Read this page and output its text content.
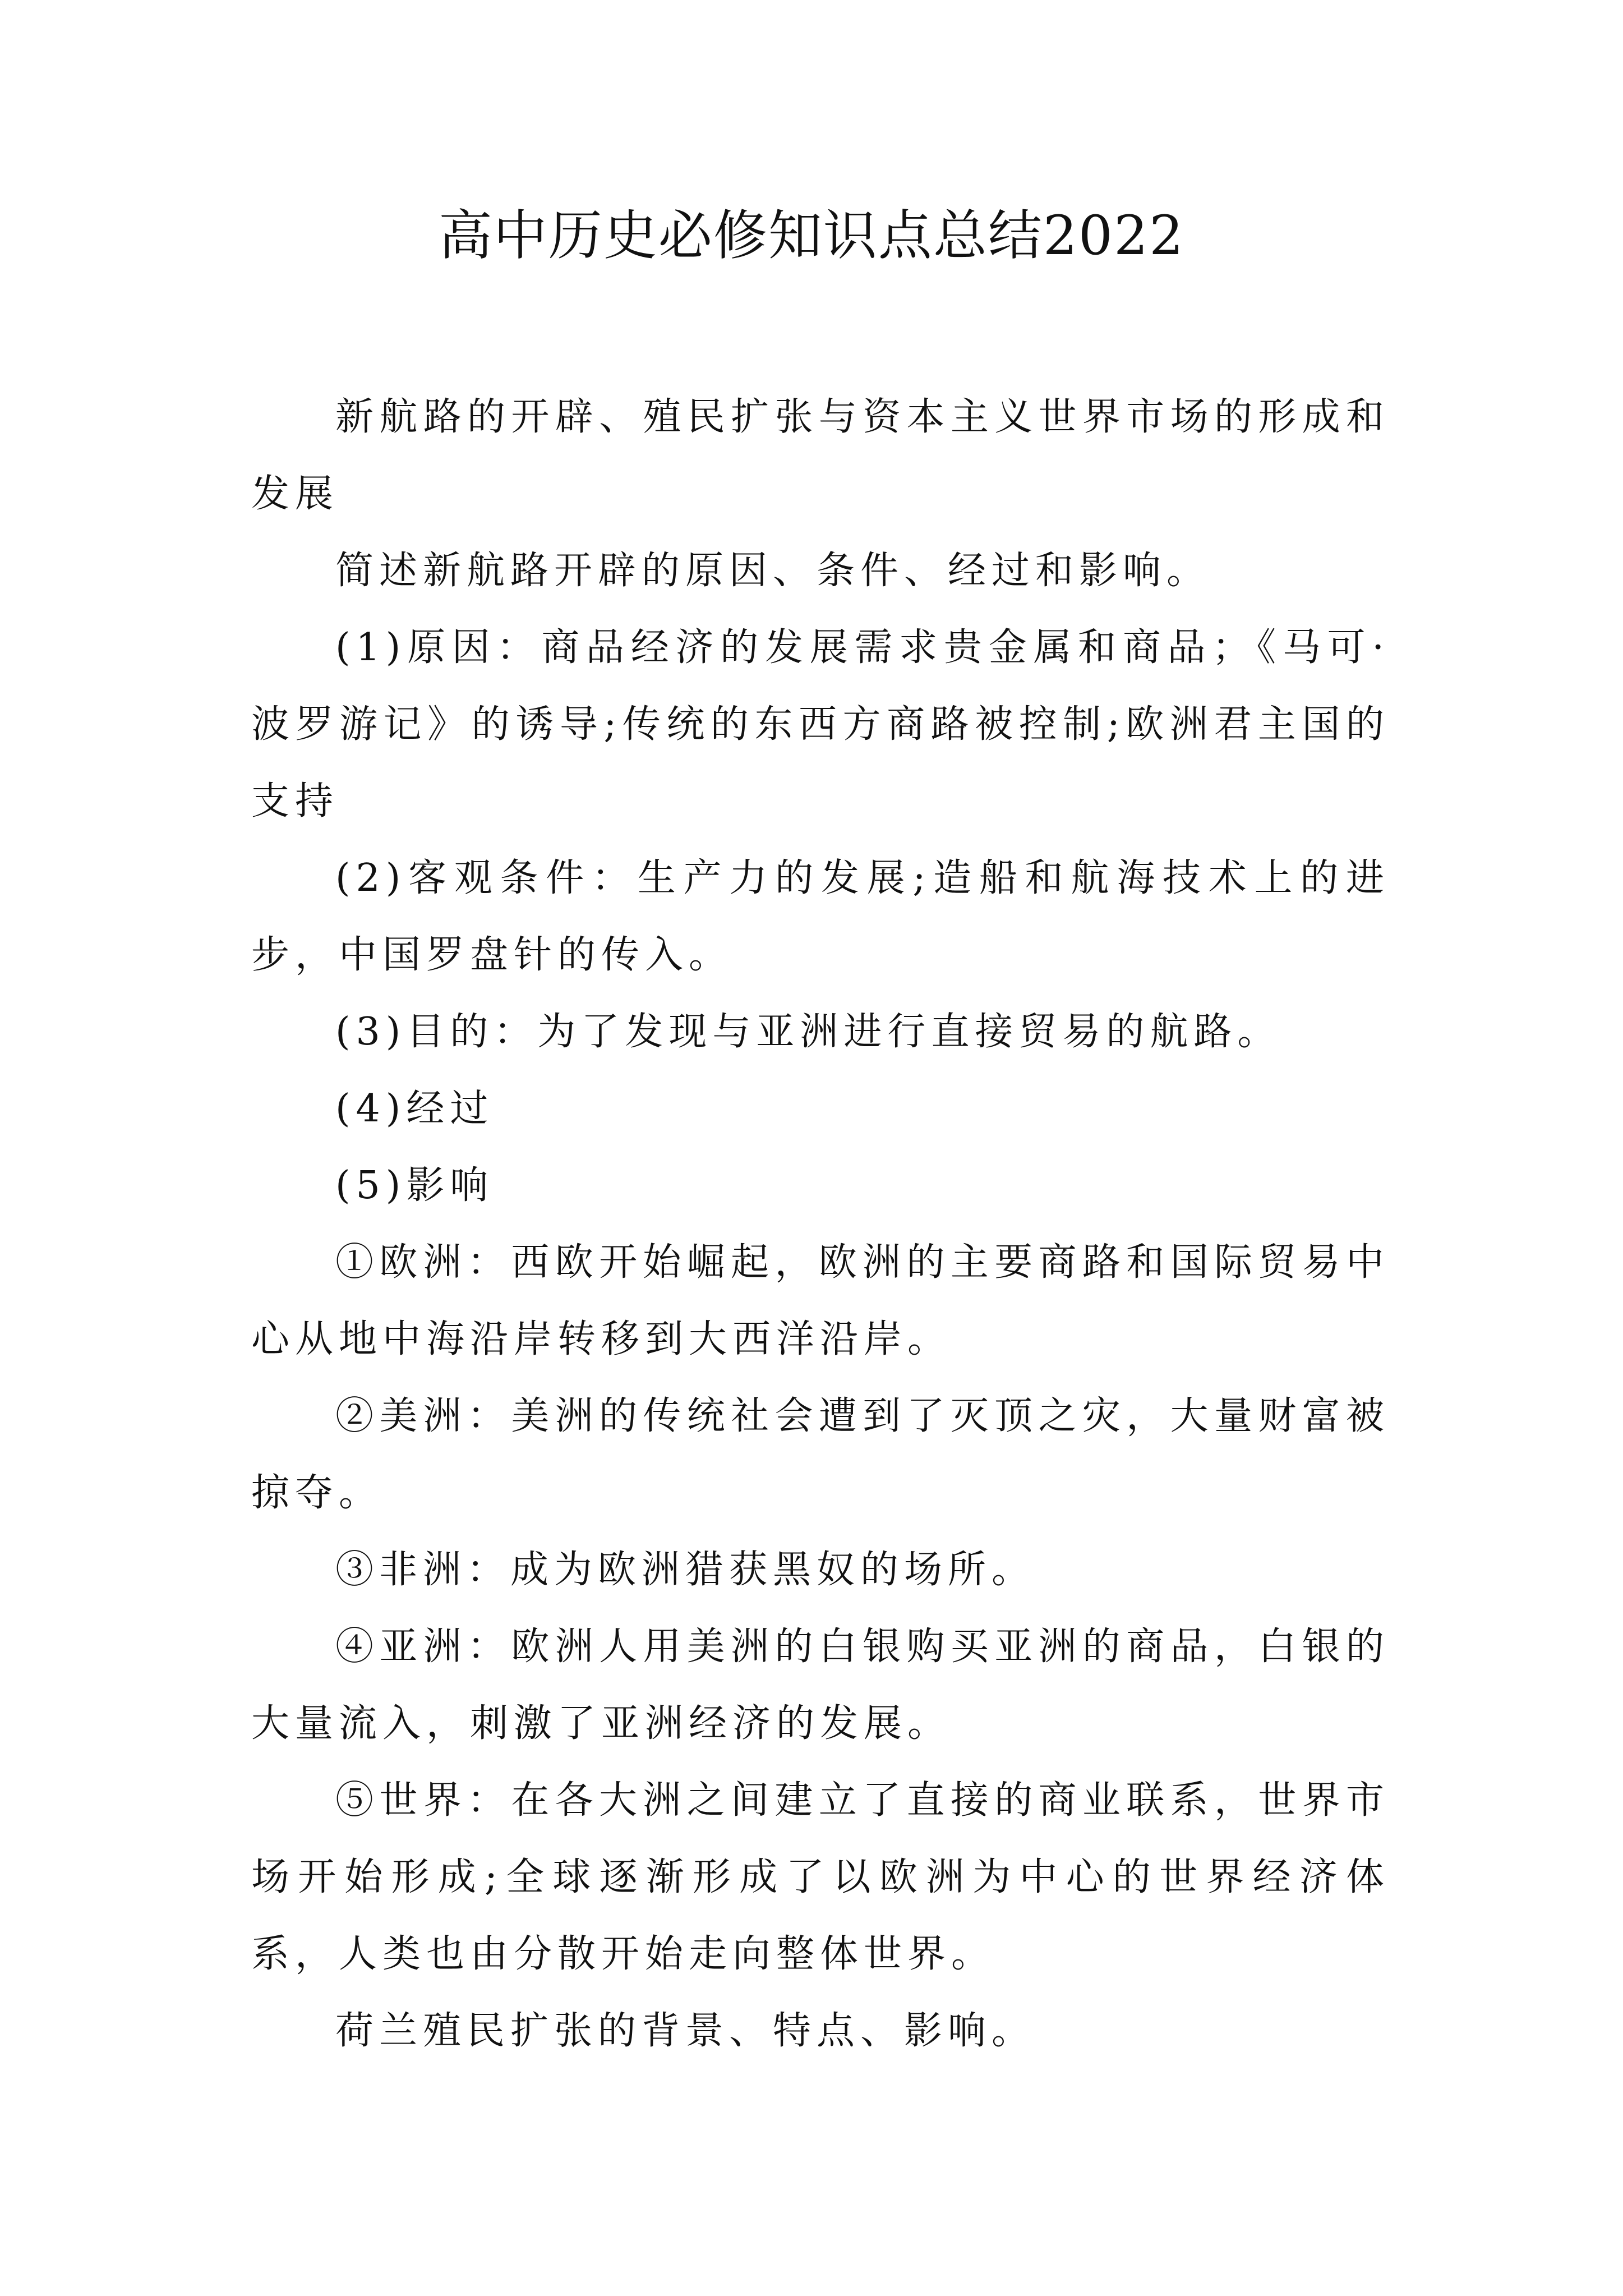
高中历史必修知识点总结2022

新航路的开辟、殖民扩张与资本主义世界市场的形成和发展

简述新航路开辟的原因、条件、经过和影响。

(1)原因：商品经济的发展需求贵金属和商品；《马可·波罗游记》的诱导;传统的东西方商路被控制;欧洲君主国的支持

(2)客观条件：生产力的发展;造船和航海技术上的进步，中国罗盘针的传入。

(3)目的：为了发现与亚洲进行直接贸易的航路。

(4)经过

(5)影响

①欧洲：西欧开始崛起，欧洲的主要商路和国际贸易中心从地中海沿岸转移到大西洋沿岸。

②美洲：美洲的传统社会遭到了灭顶之灾，大量财富被掠夺。

③非洲：成为欧洲猎获黑奴的场所。

④亚洲：欧洲人用美洲的白银购买亚洲的商品，白银的大量流入，刺激了亚洲经济的发展。

⑤世界：在各大洲之间建立了直接的商业联系，世界市场开始形成;全球逐渐形成了以欧洲为中心的世界经济体系，人类也由分散开始走向整体世界。

荷兰殖民扩张的背景、特点、影响。
